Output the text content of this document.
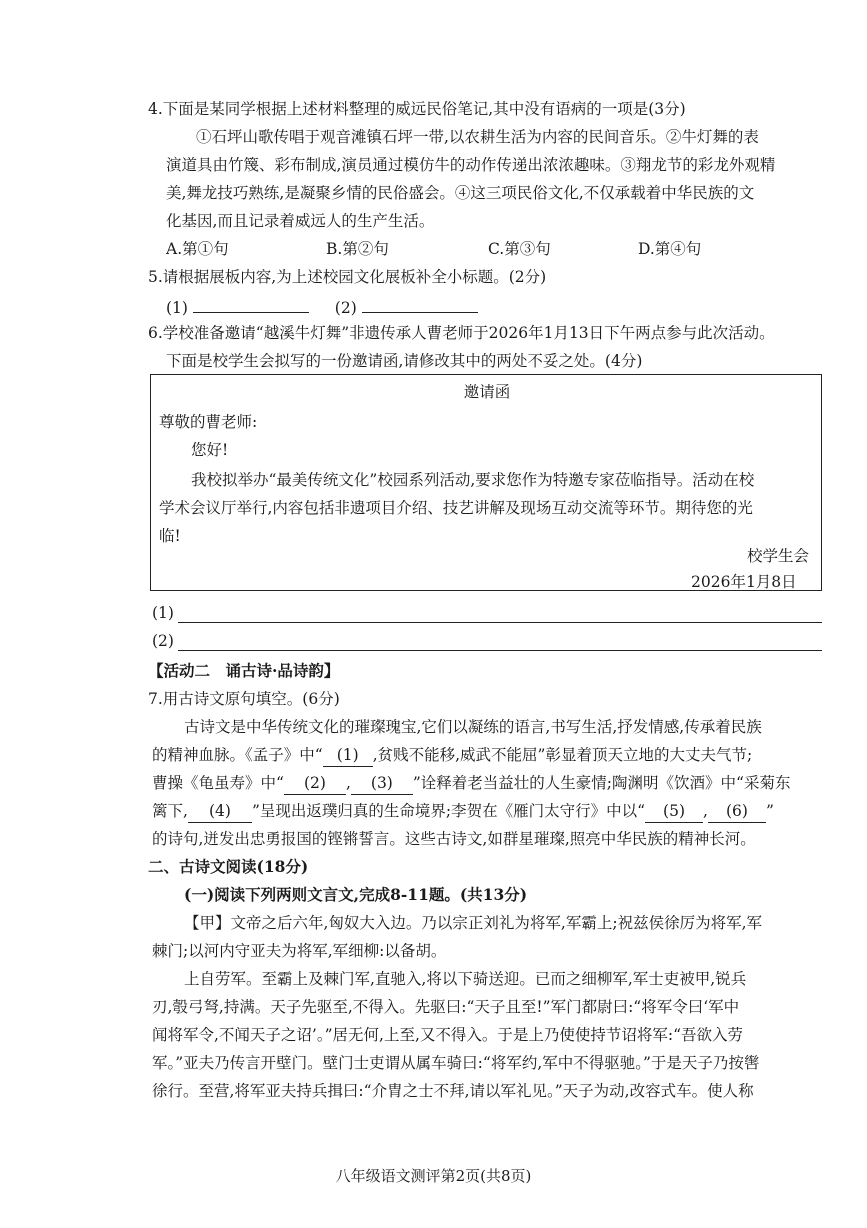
4.下面是某同学根据上述材料整理的威远民俗笔记,其中没有语病的一项是(3分)
①石坪山歌传唱于观音滩镇石坪一带,以农耕生活为内容的民间音乐。②牛灯舞的表
演道具由竹篾、彩布制成,演员通过模仿牛的动作传递出浓浓趣味。③翔龙节的彩龙外观精
美,舞龙技巧熟练,是凝聚乡情的民俗盛会。④这三项民俗文化,不仅承载着中华民族的文
化基因,而且记录着威远人的生产生活。
A.第①句	B.第②句	C.第③句	D.第④句
5.请根据展板内容,为上述校园文化展板补全小标题。(2分)
(1)	(2)
6.学校准备邀请“越溪牛灯舞”非遗传承人曹老师于2026年1月13日下午两点参与此次活动。
下面是校学生会拟写的一份邀请函,请修改其中的两处不妥之处。(4分)
邀请函
尊敬的曹老师:
您好!
我校拟举办“最美传统文化”校园系列活动,要求您作为特邀专家莅临指导。活动在校
学术会议厅举行,内容包括非遗项目介绍、技艺讲解及现场互动交流等环节。期待您的光
临!
校学生会
2026年1月8日
(1)
(2)
【活动二　诵古诗·品诗韵】
7.用古诗文原句填空。(6分)
古诗文是中华传统文化的璀璨瑰宝,它们以凝练的语言,书写生活,抒发情感,传承着民族
的精神血脉。《孟子》中“ (1) ,贫贱不能移,威武不能屈”彰显着顶天立地的大丈夫气节;
曹操《龟虽寿》中“ (2) , (3) ”诠释着老当益壮的人生豪情;陶渊明《饮酒》中“采菊东
篱下, (4) ”呈现出返璞归真的生命境界;李贺在《雁门太守行》中以“ (5) , (6) ”
的诗句,迸发出忠勇报国的铿锵誓言。这些古诗文,如群星璀璨,照亮中华民族的精神长河。
二、古诗文阅读(18分)
(一)阅读下列两则文言文,完成8-11题。(共13分)
【甲】文帝之后六年,匈奴大入边。乃以宗正刘礼为将军,军霸上;祝兹侯徐厉为将军,军
棘门;以河内守亚夫为将军,军细柳:以备胡。
上自劳军。至霸上及棘门军,直驰入,将以下骑送迎。已而之细柳军,军士吏被甲,锐兵
刃,彀弓弩,持满。天子先驱至,不得入。先驱曰:“天子且至!”军门都尉曰:“将军令曰‘军中
闻将军令,不闻天子之诏’。”居无何,上至,又不得入。于是上乃使使持节诏将军:“吾欲入劳
军。”亚夫乃传言开壁门。壁门士吏谓从属车骑曰:“将军约,军中不得驱驰。”于是天子乃按辔
徐行。至营,将军亚夫持兵揖曰:“介胄之士不拜,请以军礼见。”天子为动,改容式车。使人称
八年级语文测评第2页(共8页)
